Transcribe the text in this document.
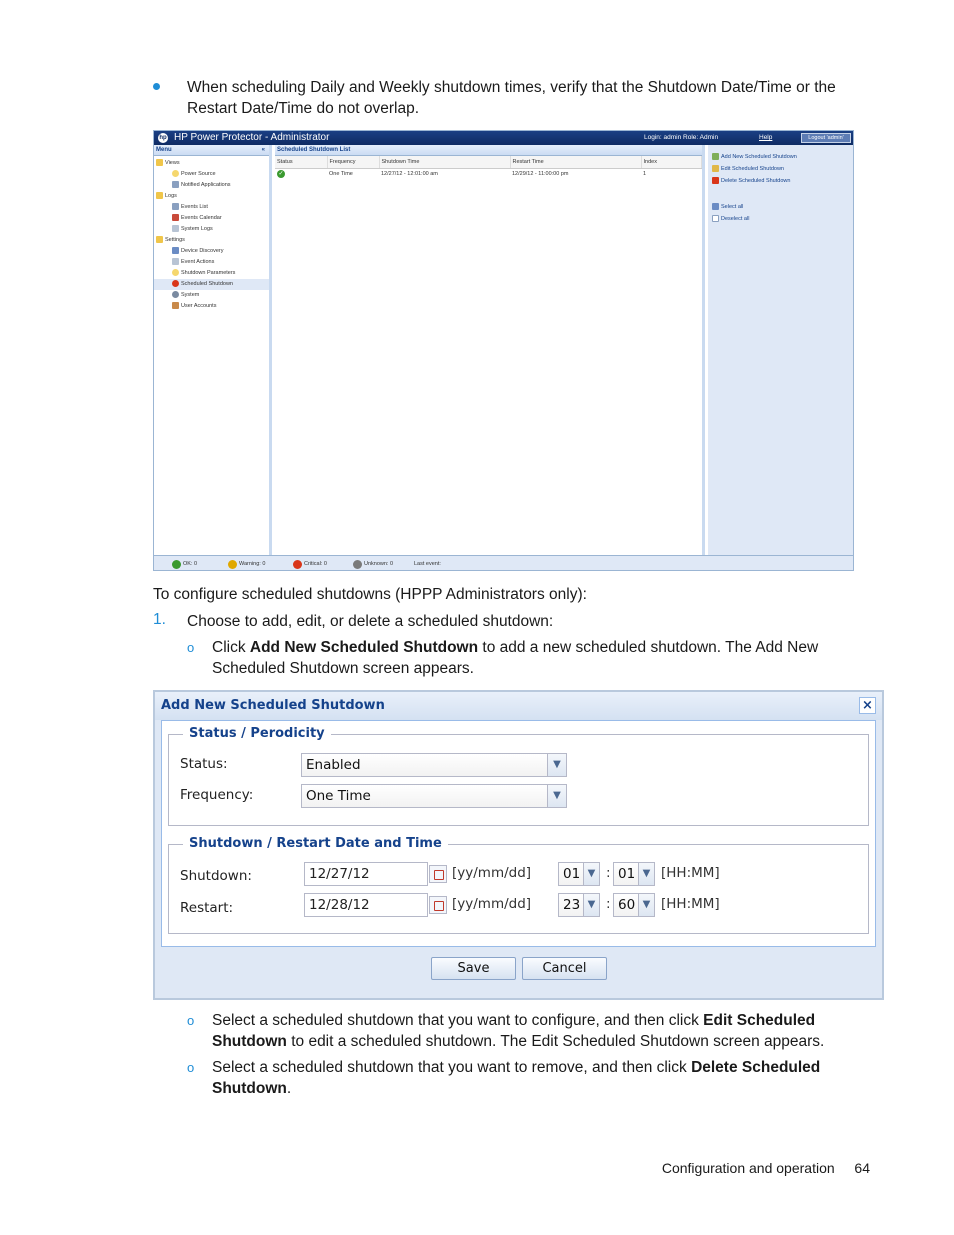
When scheduling Daily and Weekly shutdown times, verify that the Shutdown Date/Time or the Restart Date/Time do not overlap.
hp HP Power Protector - Administrator	Login: admin Role: Admin	Help	Logout 'admin'
Menu	«
Views
Power Source
Notified Applications
Logs
Events List
Events Calendar
System Logs
Settings
Device Discovery
Event Actions
Shutdown Parameters
Scheduled Shutdown
System
User Accounts
Scheduled Shutdown List
Status	Frequency	Shutdown Time	Restart Time	Index
✓	One Time	12/27/12 - 12:01:00 am	12/29/12 - 11:00:00 pm	1
Add New Scheduled Shutdown
Edit Scheduled Shutdown
Delete Scheduled Shutdown
Select all
Deselect all
OK: 0	Warning: 0	Critical: 0	Unknown: 0	Last event:
To configure scheduled shutdowns (HPPP Administrators only):
1. Choose to add, edit, or delete a scheduled shutdown:
o Click Add New Scheduled Shutdown to add a new scheduled shutdown. The Add New Scheduled Shutdown screen appears.
Add New Scheduled Shutdown	×
Status / Perodicity
Status:	Enabled	▼
Frequency:	One Time	▼
Shutdown / Restart Date and Time
Shutdown:	12/27/12	[yy/mm/dd]	01 ▼ : 01 ▼ [HH:MM]
Restart:	12/28/12	[yy/mm/dd]	23 ▼ : 60 ▼ [HH:MM]
Save	Cancel
o Select a scheduled shutdown that you want to configure, and then click Edit Scheduled Shutdown to edit a scheduled shutdown. The Edit Scheduled Shutdown screen appears.
o Select a scheduled shutdown that you want to remove, and then click Delete Scheduled Shutdown.
Configuration and operation 64
